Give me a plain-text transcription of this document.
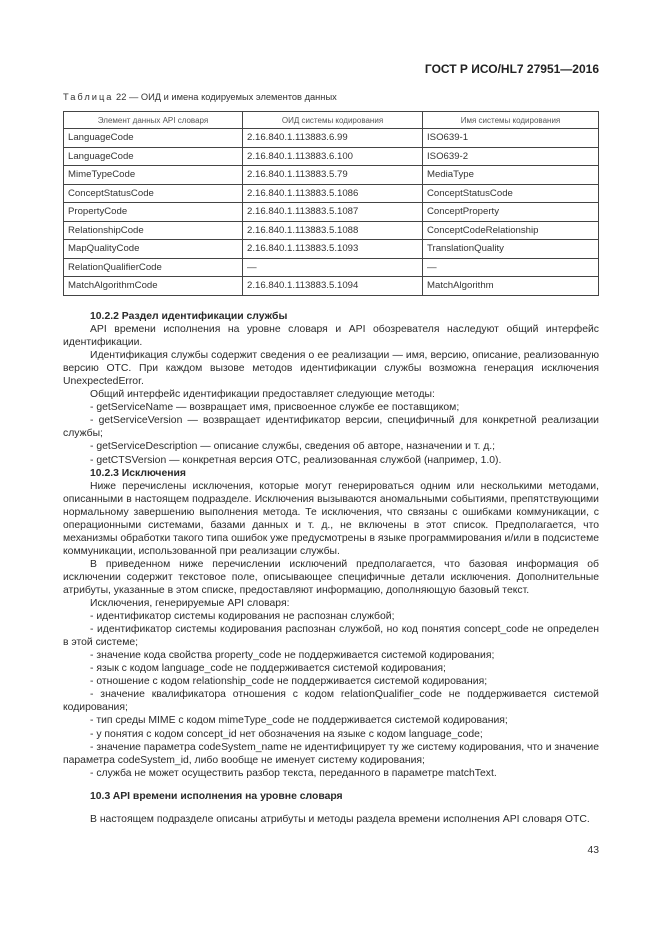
ГОСТ Р ИСО/HL7 27951—2016
Таблица 22 — ОИД и имена кодируемых элементов данных
Элемент данных API словаря	ОИД системы кодирования	Имя системы кодирования
LanguageCode	2.16.840.1.113883.6.99	ISO639-1
LanguageCode	2.16.840.1.113883.6.100	ISO639-2
MimeTypeCode	2.16.840.1.113883.5.79	MediaType
ConceptStatusCode	2.16.840.1.113883.5.1086	ConceptStatusCode
PropertyCode	2.16.840.1.113883.5.1087	ConceptProperty
RelationshipCode	2.16.840.1.113883.5.1088	ConceptCodeRelationship
MapQualityCode	2.16.840.1.113883.5.1093	TranslationQuality
RelationQualifierCode	—	—
MatchAlgorithmCode	2.16.840.1.113883.5.1094	MatchAlgorithm
10.2.2 Раздел идентификации службы

API времени исполнения на уровне словаря и API обозревателя наследуют общий интерфейс идентификации.

Идентификация службы содержит сведения о ее реализации — имя, версию, описание, реализованную версию ОТС. При каждом вызове методов идентификации службы возможна генерация исключения UnexpectedError.

Общий интерфейс идентификации предоставляет следующие методы:

- getServiceName — возвращает имя, присвоенное службе ее поставщиком;

- getServiceVersion — возвращает идентификатор версии, специфичный для конкретной реализации службы;

- getServiceDescription — описание службы, сведения об авторе, назначении и т. д.;

- getCTSVersion — конкретная версия ОТС, реализованная службой (например, 1.0).

10.2.3 Исключения

Ниже перечислены исключения, которые могут генерироваться одним или несколькими методами, описанными в настоящем подразделе. Исключения вызываются аномальными событиями, препятствующими нормальному завершению выполнения метода. Те исключения, что связаны с ошибками коммуникации, с операционными системами, базами данных и т. д., не включены в этот список. Предполагается, что механизмы обработки такого типа ошибок уже предусмотрены в языке программирования и/или в подсистеме коммуникации, использованной при реализации службы.

В приведенном ниже перечислении исключений предполагается, что базовая информация об исключении содержит текстовое поле, описывающее специфичные детали исключения. Дополнительные атрибуты, указанные в этом списке, предоставляют информацию, дополняющую базовый текст.

Исключения, генерируемые API словаря:

- идентификатор системы кодирования не распознан службой;

- идентификатор системы кодирования распознан службой, но код понятия concept_code не определен в этой системе;

- значение кода свойства property_code не поддерживается системой кодирования;

- язык с кодом language_code не поддерживается системой кодирования;

- отношение с кодом relationship_code не поддерживается системой кодирования;

- значение квалификатора отношения с кодом relationQualifier_code не поддерживается системой кодирования;

- тип среды MIME с кодом mimeType_code не поддерживается системой кодирования;

- у понятия с кодом concept_id нет обозначения на языке с кодом language_code;

- значение параметра codeSystem_name не идентифицирует ту же систему кодирования, что и значение параметра codeSystem_id, либо вообще не именует систему кодирования;

- служба не может осуществить разбор текста, переданного в параметре matchText.

10.3 API времени исполнения на уровне словаря

В настоящем подразделе описаны атрибуты и методы раздела времени исполнения API словаря ОТС.

43
